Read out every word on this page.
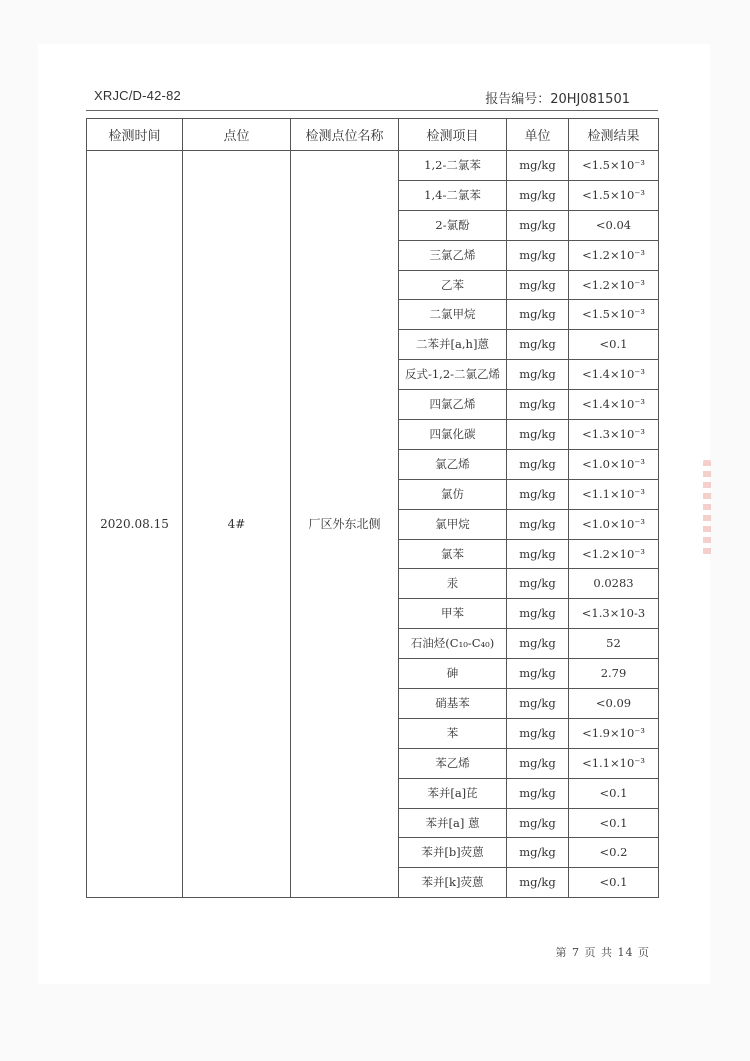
XRJC/D-42-82	报告编号：20HJ081501
检测时间	点位	检测点位名称	检测项目	单位	检测结果
2020.08.15	4#	厂区外东北侧	1,2-二氯苯	mg/kg	<1.5×10⁻³
			1,4-二氯苯	mg/kg	<1.5×10⁻³
			2-氯酚	mg/kg	<0.04
			三氯乙烯	mg/kg	<1.2×10⁻³
			乙苯	mg/kg	<1.2×10⁻³
			二氯甲烷	mg/kg	<1.5×10⁻³
			二苯并[a,h]蒽	mg/kg	<0.1
			反式-1,2-二氯乙烯	mg/kg	<1.4×10⁻³
			四氯乙烯	mg/kg	<1.4×10⁻³
			四氯化碳	mg/kg	<1.3×10⁻³
			氯乙烯	mg/kg	<1.0×10⁻³
			氯仿	mg/kg	<1.1×10⁻³
			氯甲烷	mg/kg	<1.0×10⁻³
			氯苯	mg/kg	<1.2×10⁻³
			汞	mg/kg	0.0283
			甲苯	mg/kg	<1.3×10-3
			石油烃(C₁₀-C₄₀)	mg/kg	52
			砷	mg/kg	2.79
			硝基苯	mg/kg	<0.09
			苯	mg/kg	<1.9×10⁻³
			苯乙烯	mg/kg	<1.1×10⁻³
			苯并[a]芘	mg/kg	<0.1
			苯并[a] 蒽	mg/kg	<0.1
			苯并[b]荧蒽	mg/kg	<0.2
			苯并[k]荧蒽	mg/kg	<0.1
第 7 页 共 14 页
